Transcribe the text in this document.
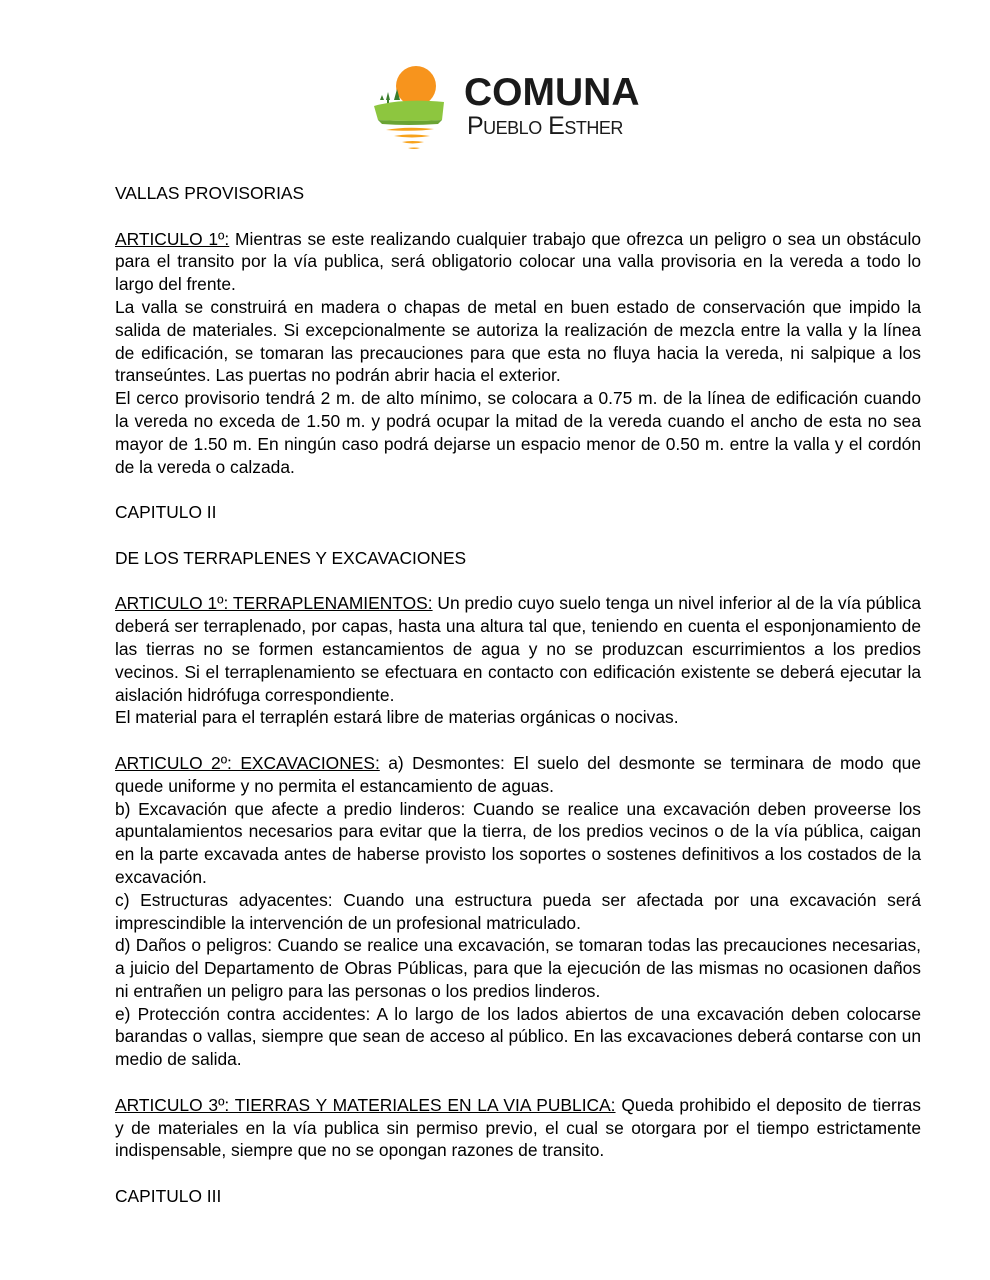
COMUNA
Pueblo Esther

VALLAS PROVISORIAS

ARTICULO 1º: Mientras se este realizando cualquier trabajo que ofrezca un peligro o sea un obstáculo para el transito por la vía publica, será obligatorio colocar una valla provisoria en la vereda a todo lo largo del frente.

La valla se construirá en madera o chapas de metal en buen estado de conservación que impido la salida de materiales. Si excepcionalmente se autoriza la realización de mezcla entre la valla y la línea de edificación, se tomaran las precauciones para que esta no fluya hacia la vereda, ni salpique a los transeúntes. Las puertas no podrán abrir hacia el exterior.

El cerco provisorio tendrá 2 m. de alto mínimo, se colocara a 0.75 m. de la línea de edificación cuando la vereda no exceda de 1.50 m. y podrá ocupar la mitad de la vereda cuando el ancho de esta no sea mayor de 1.50 m. En ningún caso podrá dejarse un espacio menor de 0.50 m. entre la valla y el cordón de la vereda o calzada.

CAPITULO II

DE LOS TERRAPLENES Y EXCAVACIONES

ARTICULO 1º: TERRAPLENAMIENTOS: Un predio cuyo suelo tenga un nivel inferior al de la vía pública deberá ser terraplenado, por capas, hasta una altura tal que, teniendo en cuenta el esponjonamiento de las tierras no se formen estancamientos de agua y no se produzcan escurrimientos a los predios vecinos. Si el terraplenamiento se efectuara en contacto con edificación existente se deberá ejecutar la aislación hidrófuga correspondiente.

El material para el terraplén estará libre de materias orgánicas o nocivas.

ARTICULO 2º: EXCAVACIONES: a) Desmontes: El suelo del desmonte se terminara de modo que quede uniforme y no permita el estancamiento de aguas.

b) Excavación que afecte a predio linderos: Cuando se realice una excavación deben proveerse los apuntalamientos necesarios para evitar que la tierra, de los predios vecinos o de la vía pública, caigan en la parte excavada antes de haberse provisto los soportes o sostenes definitivos a los costados de la excavación.

c) Estructuras adyacentes: Cuando una estructura pueda ser afectada por una excavación será imprescindible la intervención de un profesional matriculado.

d) Daños o peligros: Cuando se realice una excavación, se tomaran todas las precauciones necesarias, a juicio del Departamento de Obras Públicas, para que la ejecución de las mismas no ocasionen daños ni entrañen un peligro para las personas o los predios linderos.

e) Protección contra accidentes: A lo largo de los lados abiertos de una excavación deben colocarse barandas o vallas, siempre que sean de acceso al público. En las excavaciones deberá contarse con un medio de salida.

ARTICULO 3º: TIERRAS Y MATERIALES EN LA VIA PUBLICA: Queda prohibido el deposito de tierras y de materiales en la vía publica sin permiso previo, el cual se otorgara por el tiempo estrictamente indispensable, siempre que no se opongan razones de transito.

CAPITULO III
